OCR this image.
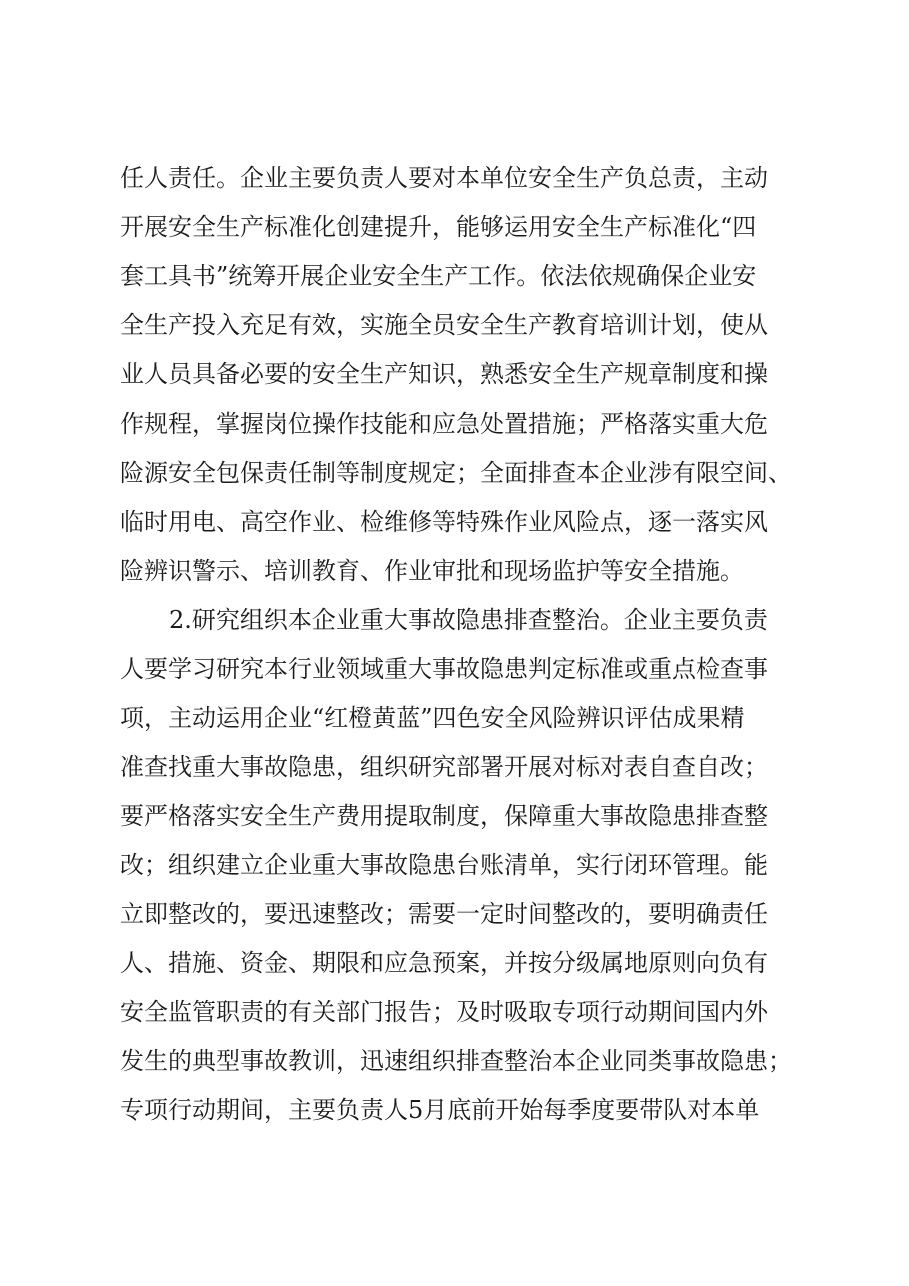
任人责任。企业主要负责人要对本单位安全生产负总责，主动
开展安全生产标准化创建提升，能够运用安全生产标准化“四
套工具书”统筹开展企业安全生产工作。依法依规确保企业安
全生产投入充足有效，实施全员安全生产教育培训计划，使从
业人员具备必要的安全生产知识，熟悉安全生产规章制度和操
作规程，掌握岗位操作技能和应急处置措施；严格落实重大危
险源安全包保责任制等制度规定；全面排查本企业涉有限空间、
临时用电、高空作业、检维修等特殊作业风险点，逐一落实风
险辨识警示、培训教育、作业审批和现场监护等安全措施。
2.研究组织本企业重大事故隐患排查整治。企业主要负责
人要学习研究本行业领域重大事故隐患判定标准或重点检查事
项，主动运用企业“红橙黄蓝”四色安全风险辨识评估成果精
准查找重大事故隐患，组织研究部署开展对标对表自查自改；
要严格落实安全生产费用提取制度，保障重大事故隐患排查整
改；组织建立企业重大事故隐患台账清单，实行闭环管理。能
立即整改的，要迅速整改；需要一定时间整改的，要明确责任
人、措施、资金、期限和应急预案，并按分级属地原则向负有
安全监管职责的有关部门报告；及时吸取专项行动期间国内外
发生的典型事故教训，迅速组织排查整治本企业同类事故隐患；
专项行动期间，主要负责人5月底前开始每季度要带队对本单
